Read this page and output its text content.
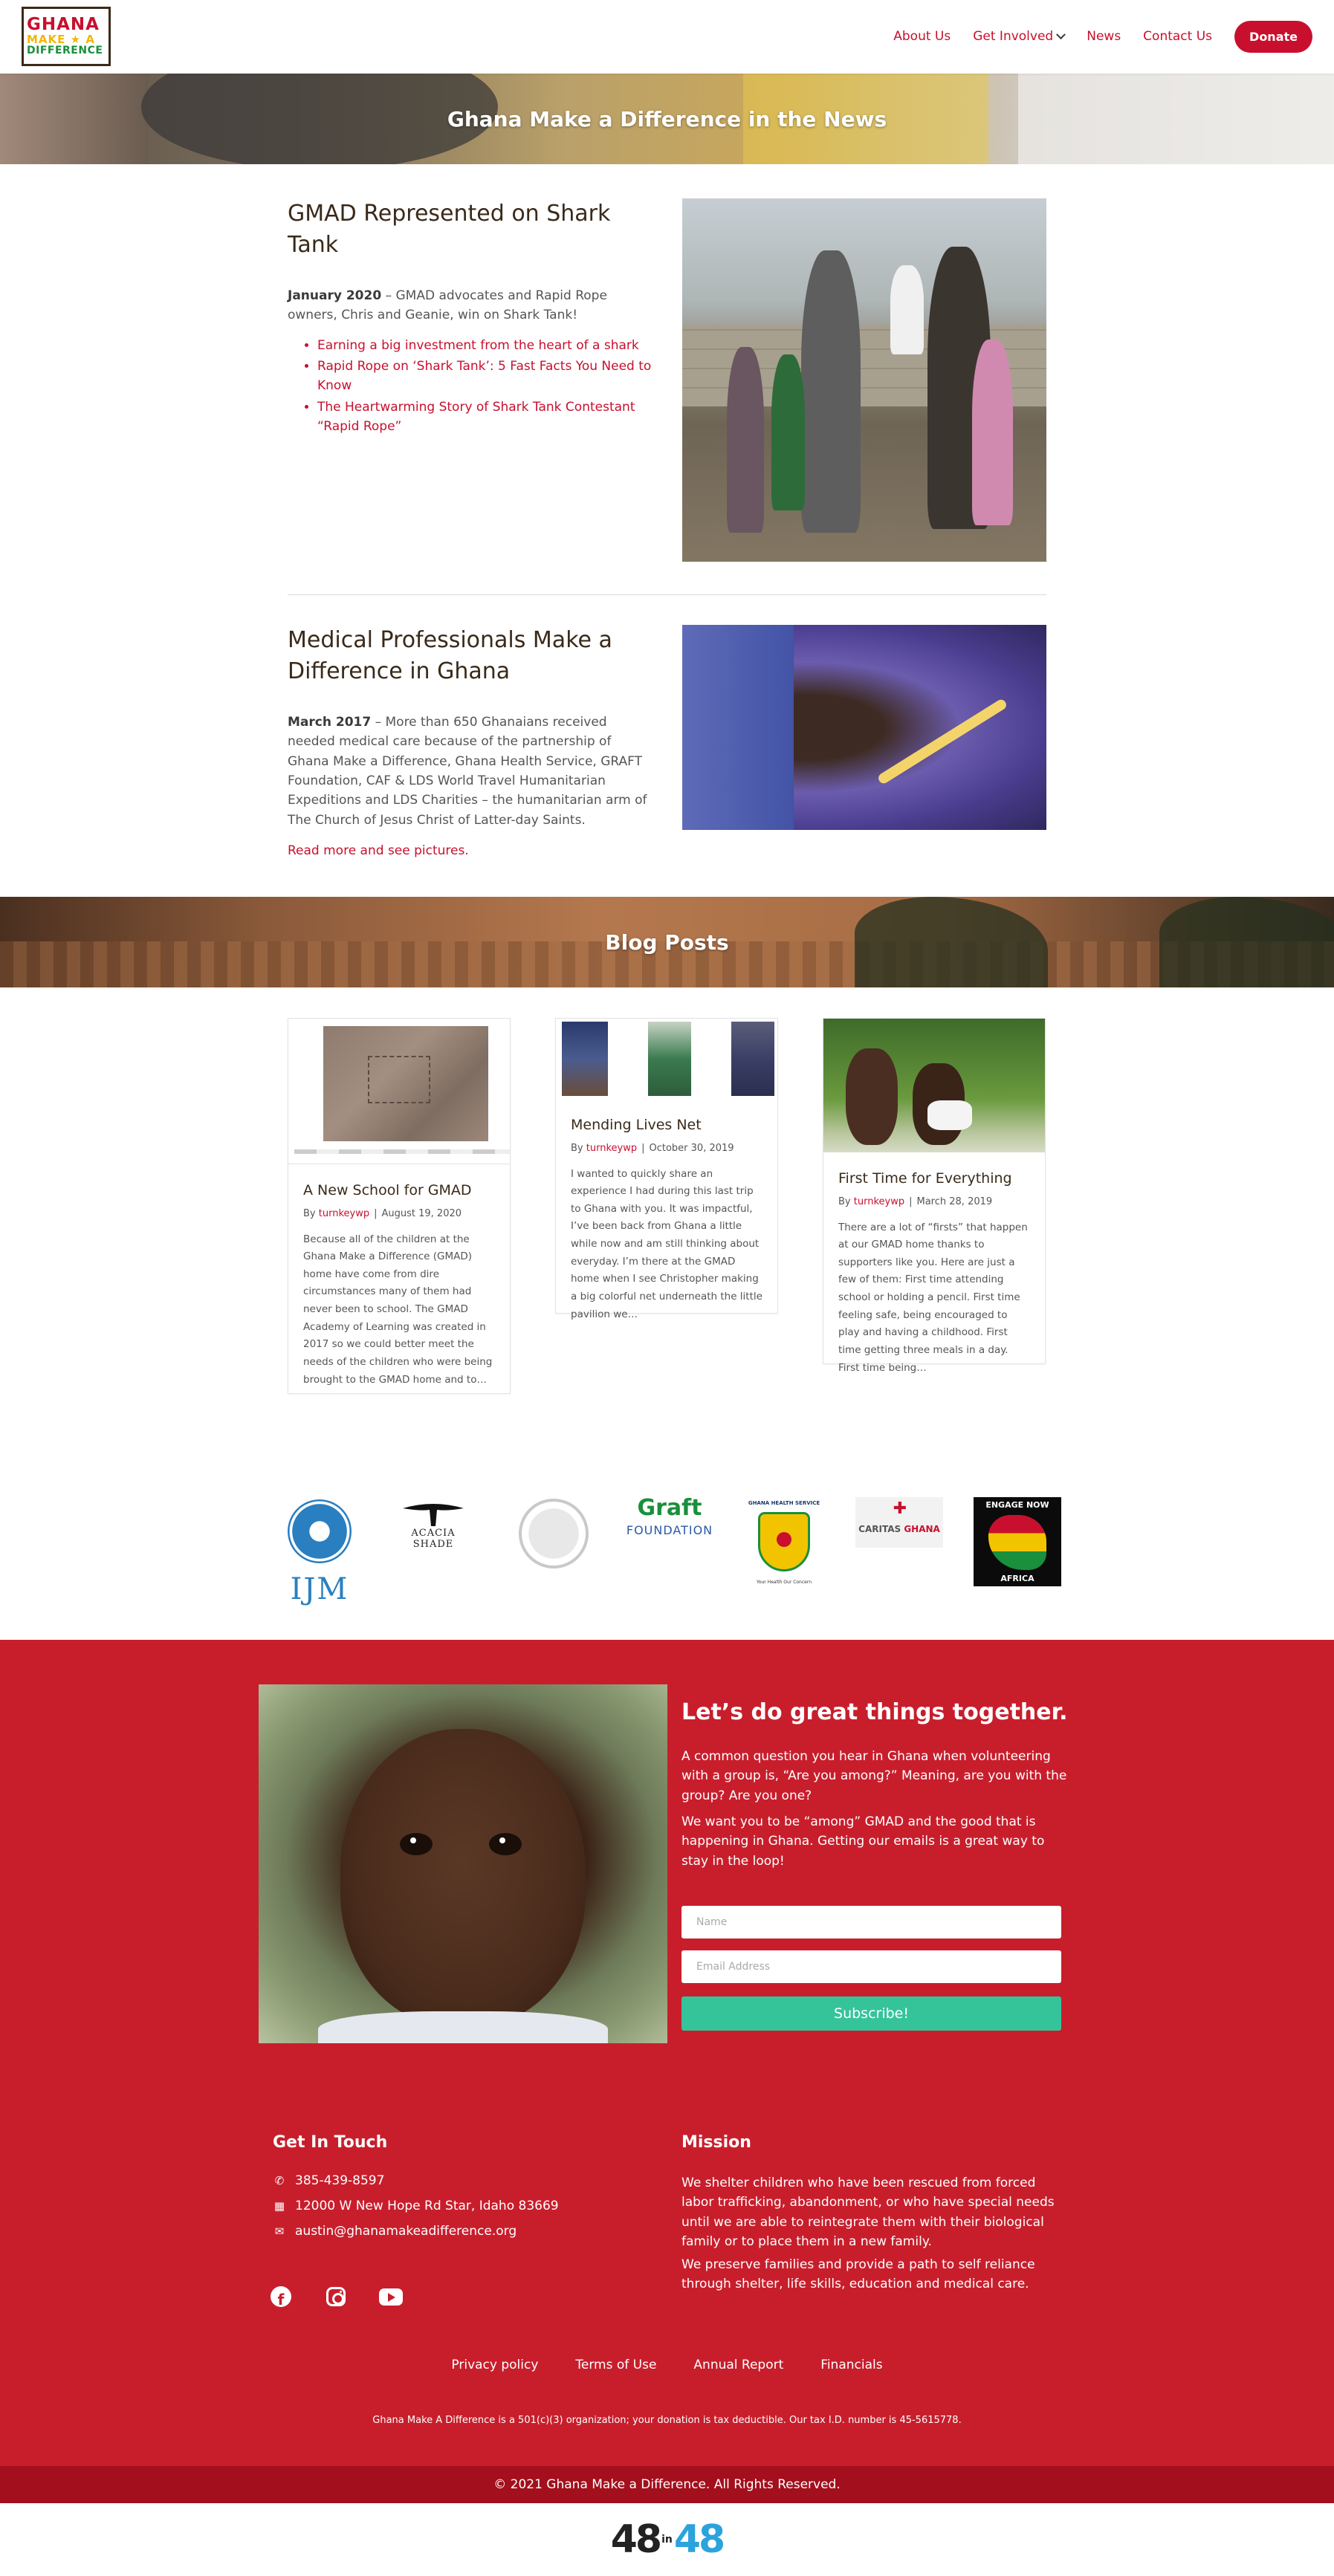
GHANA
MAKE ★ A
DIFFERENCE
About Us Get Involved	News Contact Us	Donate
Ghana Make a Difference in the News
GMAD Represented on Shark Tank

January 2020 – GMAD advocates and Rapid Rope owners, Chris and Geanie, win on Shark Tank!

• Earning a big investment from the heart of a shark
• Rapid Rope on ‘Shark Tank’: 5 Fast Facts You Need to Know
• The Heartwarming Story of Shark Tank Contestant “Rapid Rope”
Medical Professionals Make a Difference in Ghana

March 2017 – More than 650 Ghanaians received needed medical care because of the partnership of Ghana Make a Difference, Ghana Health Service, GRAFT Foundation, CAF & LDS World Travel Humanitarian Expeditions and LDS Charities – the humanitarian arm of The Church of Jesus Christ of Latter-day Saints.

Read more and see pictures.
Blog Posts
A New School for GMAD

By turnkeywp | August 19, 2020

Because all of the children at the Ghana Make a Difference (GMAD) home have come from dire circumstances many of them had never been to school. The GMAD Academy of Learning was created in 2017 so we could better meet the needs of the children who were being brought to the GMAD home and to…

Mending Lives Net

By turnkeywp | October 30, 2019

I wanted to quickly share an experience I had during this last trip to Ghana with you. It was impactful, I’ve been back from Ghana a little while now and am still thinking about everyday. I’m there at the GMAD home when I see Christopher making a big colorful net underneath the little pavilion we…

First Time for Everything

By turnkeywp | March 28, 2019

There are a lot of “firsts” that happen at our GMAD home thanks to supporters like you. Here are just a few of them: First time attending school or holding a pencil. First time feeling safe, being encouraged to play and having a childhood. First time getting three meals in a day. First time being…

IJM
ACACIA SHADE
Graft
FOUNDATION
GHANA HEALTH SERVICE
Your Health Our Concern
✚
CARITAS GHANA
ENGAGE NOW
AFRICA
Let’s do great things together.

A common question you hear in Ghana when volunteering with a group is, “Are you among?” Meaning, are you with the group? Are you one?

We want you to be “among” GMAD and the good that is happening in Ghana. Getting our emails is a great way to stay in the loop!

Name
Email Address
Subscribe!
Get In Touch
✆ 385-439-8597
▦ 12000 W New Hope Rd Star, Idaho 83669
✉ austin@ghanamakeadifference.org
Mission

We shelter children who have been rescued from forced labor trafficking, abandonment, or who have special needs until we are able to reintegrate them with their biological family or to place them in a new family.

We preserve families and provide a path to self reliance through shelter, life skills, education and medical care.

f
Privacy policy	Terms of Use	Annual Report	Financials

Ghana Make A Difference is a 501(c)(3) organization; your donation is tax deductible. Our tax I.D. number is 45-5615778.

© 2021 Ghana Make a Difference. All Rights Reserved.
48 in 48
